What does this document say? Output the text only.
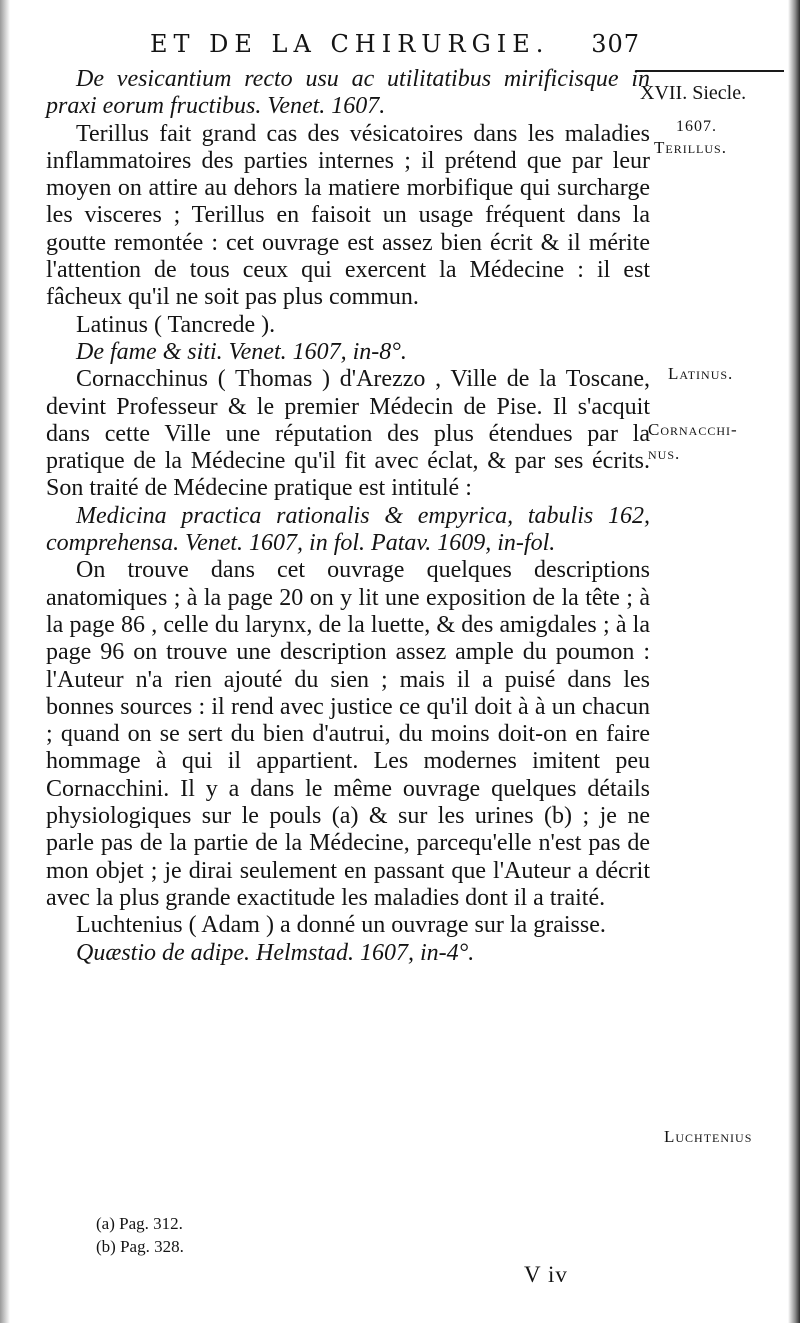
ET DE LA CHIRURGIE. 307
XVII. Siecle.
1607.
Terillus.
Latinus.
Cornacchi-
nus.
Luchtenius

De vesicantium recto usu ac utilitatibus mirificisque in praxi eorum fructibus. Venet. 1607.

Terillus fait grand cas des vésicatoires dans les maladies inflammatoires des parties internes ; il prétend que par leur moyen on attire au dehors la matiere morbifique qui surcharge les visceres ; Terillus en faisoit un usage fréquent dans la goutte remontée : cet ouvrage est assez bien écrit & il mérite l'attention de tous ceux qui exercent la Médecine : il est fâcheux qu'il ne soit pas plus commun.

Latinus ( Tancrede ).

De fame & siti. Venet. 1607, in-8°.

Cornacchinus ( Thomas ) d'Arezzo , Ville de la Toscane, devint Professeur & le premier Médecin de Pise. Il s'acquit dans cette Ville une réputation des plus étendues par la pratique de la Médecine qu'il fit avec éclat, & par ses écrits. Son traité de Médecine pratique est intitulé :

Medicina practica rationalis & empyrica, tabulis 162, comprehensa. Venet. 1607, in fol. Patav. 1609, in-fol.

On trouve dans cet ouvrage quelques descriptions anatomiques ; à la page 20 on y lit une exposition de la tête ; à la page 86 , celle du larynx, de la luette, & des amigdales ; à la page 96 on trouve une description assez ample du poumon : l'Auteur n'a rien ajouté du sien ; mais il a puisé dans les bonnes sources : il rend avec justice ce qu'il doit à à un chacun ; quand on se sert du bien d'autrui, du moins doit-on en faire hommage à qui il appartient. Les modernes imitent peu Cornacchini. Il y a dans le même ouvrage quelques détails physiologiques sur le pouls (a) & sur les urines (b) ; je ne parle pas de la partie de la Médecine, parcequ'elle n'est pas de mon objet ; je dirai seulement en passant que l'Auteur a décrit avec la plus grande exactitude les maladies dont il a traité.

Luchtenius ( Adam ) a donné un ouvrage sur la graisse.

Quæstio de adipe. Helmstad. 1607, in-4°.

(a) Pag. 312.
(b) Pag. 328.
V iv
